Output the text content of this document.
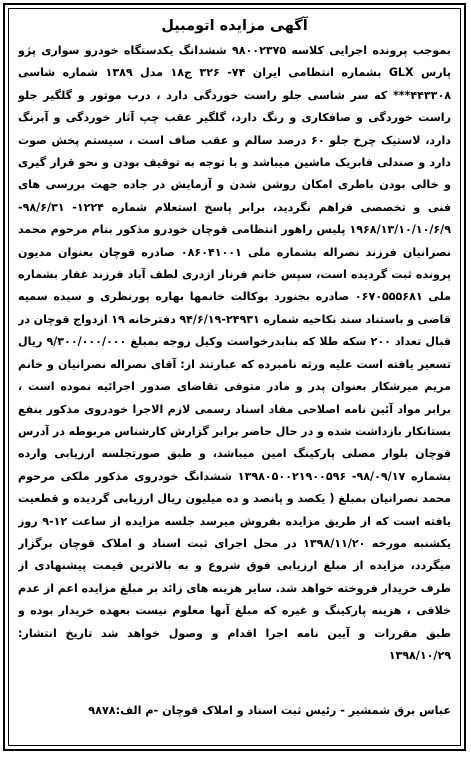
آگهی مزایده اتومبیل

بموجب پرونده اجرایی کلاسه ۹۸۰۰۲۳۷۵ ششدانگ یکدستگاه خودرو سواری پژو پارس GLX بشماره انتظامی ایران ۷۴- ۳۲۶ ج۱۸ مدل ۱۳۸۹ شماره شاسی ۴۴۳۳۰۸*** که سر شاسی جلو راست خوردگی دارد ، درب موتور و گلگیر جلو راست خوردگی و صافکاری و رنگ دارد، گلگیر عقب چپ آثار خوردگی و آبرنگ دارد، لاستیک چرخ جلو ۶۰ درصد سالم و عقب صاف است ، سیستم پخش صوت دارد و صندلی فابریک ماشین میباشد و با توجه به توقیف بودن و نحو قرار گیری و خالی بودن باطری امکان روشن شدن و آزمایش در جاده جهت بررسی های فنی و تخصصی فراهم نگردید، برابر پاسخ استعلام شماره ۱۲۲۴- ۹۸/۶/۳۱- ۱۹۶۸/۱۳/۱۰/۱۰/۶/۹ پلیس راهور انتظامی قوچان خودرو مذکور بنام مرحوم محمد نصرانیان فرزند نصراله بشماره ملی ۰۸۶۰۴۱۰۰۱ صادره قوچان بعنوان مدیون پرونده ثبت گردیده است، سپس خانم فرناز ازدری لطف آباد فرزند غفار بشماره ملی ۰۶۷۰۵۵۵۶۸۱ صادره بجنورد بوکالت خانمها بهاره پورنظری و سیده سمیه قاضی و باستناد سند نکاحیه شماره ۲۴۹۳۱-۹۴/۶/۱۹ دفترخانه ۱۹ ازدواج قوچان در قبال تعداد ۲۰۰ سکه طلا که بنابدرخواست وکیل زوجه بمبلغ ۹/۳۰۰/۰۰۰/۰۰۰ ریال تسعیر یافته است علیه ورثه نامبرده که عبارتند از: آقای نصراله نصرانیان و خانم مریم میرشکار بعنوان پدر و مادر متوفی تقاضای صدور اجرائیه نموده است ، برابر مواد آئین نامه اصلاحی مفاد اسناد رسمی لازم الاجرا خودروی مذکور بنفع بستانکار بازداشت شده و در حال حاضر برابر گزارش کارشناس مربوطه در آدرس قوچان بلوار مصلی پارکینگ امین میباشد، و طبق صورتجلسه ارزیابی وارده بشماره ۹۸/۰۹/۱۷- ۱۳۹۸۰۵۰۰۲۱۹۰۰۵۹۶ ششدانگ خودروی مذکور ملکی مرحوم محمد نصرانیان بمبلغ ( یکصد و پانصد و ده میلیون ریال ارزیابی گردیده و قطعیت یافته است که از طریق مزایده بفروش میرسد جلسه مزایده از ساعت ۱۲-۹ روز یکشنبه مورخه ۱۳۹۸/۱۱/۲۰ در محل اجرای ثبت اسناد و املاک قوچان برگزار میگردد، مزایده از مبلغ ارزیابی فوق شروع و به بالاترین قیمت پیشنهادی از طرف خریدار فروخته خواهد شد. سایر هزینه های زائد بر مبلغ مزایده اعم از عدم خلافی ، هزینه پارکینگ و غیره که مبلغ آنها معلوم نیست بعهده خریدار بوده و طبق مقررات و آیین نامه اجرا اقدام و وصول خواهد شد تاریخ انتشار: ۱۳۹۸/۱۰/۲۹

عباس برق شمشیر - رئیس ثبت اسناد و املاک قوچان -م الف:۹۸۷۸
